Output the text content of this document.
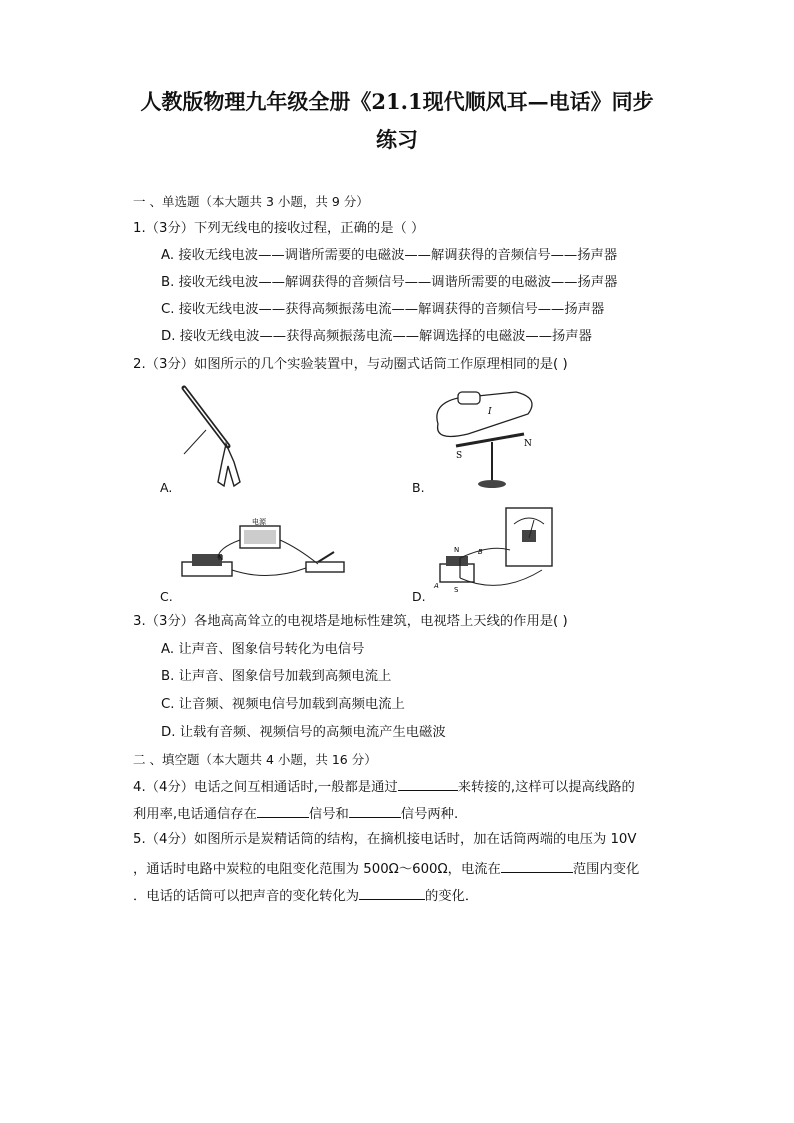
人教版物理九年级全册《21.1现代顺风耳—电话》同步
练习
一 、单选题（本大题共 3 小题，共 9 分）
1.（3分）下列无线电的接收过程，正确的是（ ）
A. 接收无线电波——调谐所需要的电磁波——解调获得的音频信号——扬声器
B. 接收无线电波——解调获得的音频信号——调谐所需要的电磁波——扬声器
C. 接收无线电波——获得高频振荡电流——解调获得的音频信号——扬声器
D. 接收无线电波——获得高频振荡电流——解调选择的电磁波——扬声器
2.（3分）如图所示的几个实验装置中，与动圈式话筒工作原理相同的是( )
A.
I
S
N
B.
电源
N
C.
N	B
A S
D.
3.（3分）各地高高耸立的电视塔是地标性建筑，电视塔上天线的作用是( )
A. 让声音、图象信号转化为电信号
B. 让声音、图象信号加载到高频电流上
C. 让音频、视频电信号加载到高频电流上
D. 让载有音频、视频信号的高频电流产生电磁波
二 、填空题（本大题共 4 小题，共 16 分）
4.（4分）电话之间互相通话时,一般都是通过	来转接的,这样可以提高线路的
利用率,电话通信存在	信号和	信号两种.
5.（4分）如图所示是炭精话筒的结构，在摘机接电话时，加在话筒两端的电压为 10V
，通话时电路中炭粒的电阻变化范围为 500Ω～600Ω，电流在	范围内变化
．电话的话筒可以把声音的变化转化为	的变化．
